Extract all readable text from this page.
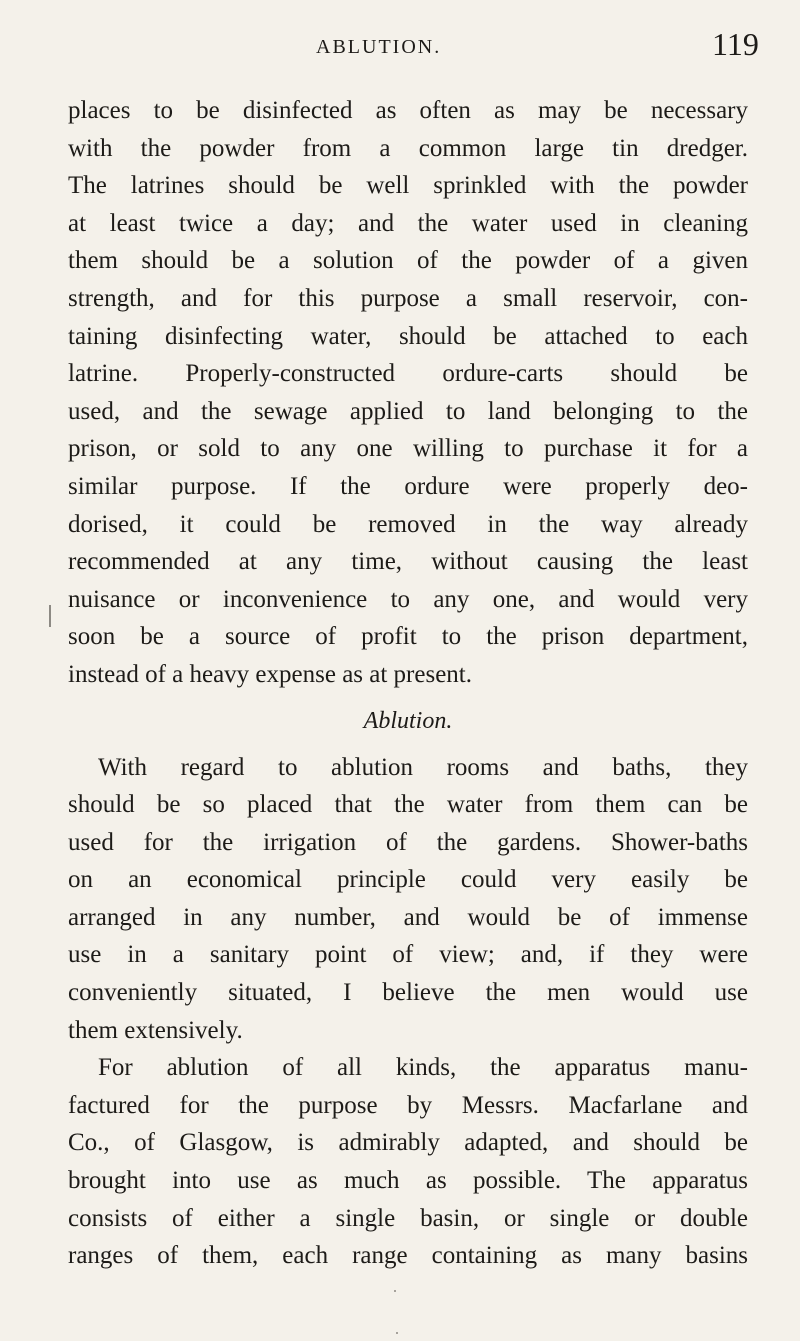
ABLUTION.	119
places to be disinfected as often as may be necessary
with the powder from a common large tin dredger.
The latrines should be well sprinkled with the powder
at least twice a day; and the water used in cleaning
them should be a solution of the powder of a given
strength, and for this purpose a small reservoir, con-
taining disinfecting water, should be attached to each
latrine. Properly-constructed ordure-carts should be
used, and the sewage applied to land belonging to the
prison, or sold to any one willing to purchase it for a
similar purpose. If the ordure were properly deo-
dorised, it could be removed in the way already
recommended at any time, without causing the least
nuisance or inconvenience to any one, and would very
soon be a source of profit to the prison department,
instead of a heavy expense as at present.
Ablution.
With regard to ablution rooms and baths, they
should be so placed that the water from them can be
used for the irrigation of the gardens. Shower-baths
on an economical principle could very easily be
arranged in any number, and would be of immense
use in a sanitary point of view; and, if they were
conveniently situated, I believe the men would use
them extensively.
For ablution of all kinds, the apparatus manu-
factured for the purpose by Messrs. Macfarlane and
Co., of Glasgow, is admirably adapted, and should be
brought into use as much as possible. The apparatus
consists of either a single basin, or single or double
ranges of them, each range containing as many basins
